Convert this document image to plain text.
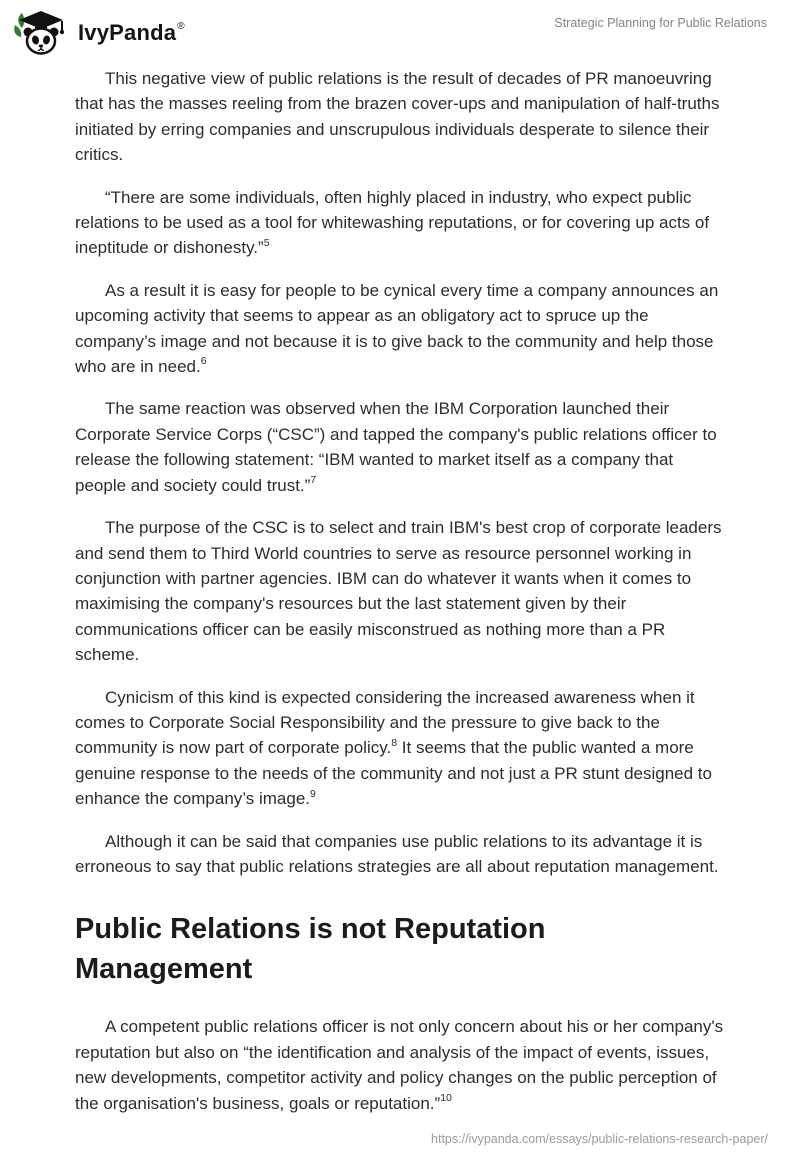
IvyPanda®	Strategic Planning for Public Relations

This negative view of public relations is the result of decades of PR manoeuvring that has the masses reeling from the brazen cover-ups and manipulation of half-truths initiated by erring companies and unscrupulous individuals desperate to silence their critics.

“There are some individuals, often highly placed in industry, who expect public relations to be used as a tool for whitewashing reputations, or for covering up acts of ineptitude or dishonesty.”$^5$

As a result it is easy for people to be cynical every time a company announces an upcoming activity that seems to appear as an obligatory act to spruce up the company’s image and not because it is to give back to the community and help those who are in need.$^6$

The same reaction was observed when the IBM Corporation launched their Corporate Service Corps (“CSC”) and tapped the company's public relations officer to release the following statement: “IBM wanted to market itself as a company that people and society could trust.”$^7$

The purpose of the CSC is to select and train IBM's best crop of corporate leaders and send them to Third World countries to serve as resource personnel working in conjunction with partner agencies. IBM can do whatever it wants when it comes to maximising the company's resources but the last statement given by their communications officer can be easily misconstrued as nothing more than a PR scheme.

Cynicism of this kind is expected considering the increased awareness when it comes to Corporate Social Responsibility and the pressure to give back to the community is now part of corporate policy.$^8$ It seems that the public wanted a more genuine response to the needs of the community and not just a PR stunt designed to enhance the company’s image.$^9$

Although it can be said that companies use public relations to its advantage it is erroneous to say that public relations strategies are all about reputation management.

Public Relations is not Reputation Management

A competent public relations officer is not only concern about his or her company's reputation but also on “the identification and analysis of the impact of events, issues, new developments, competitor activity and policy changes on the public perception of the organisation's business, goals or reputation.”$^{10}$

https://ivypanda.com/essays/public-relations-research-paper/
